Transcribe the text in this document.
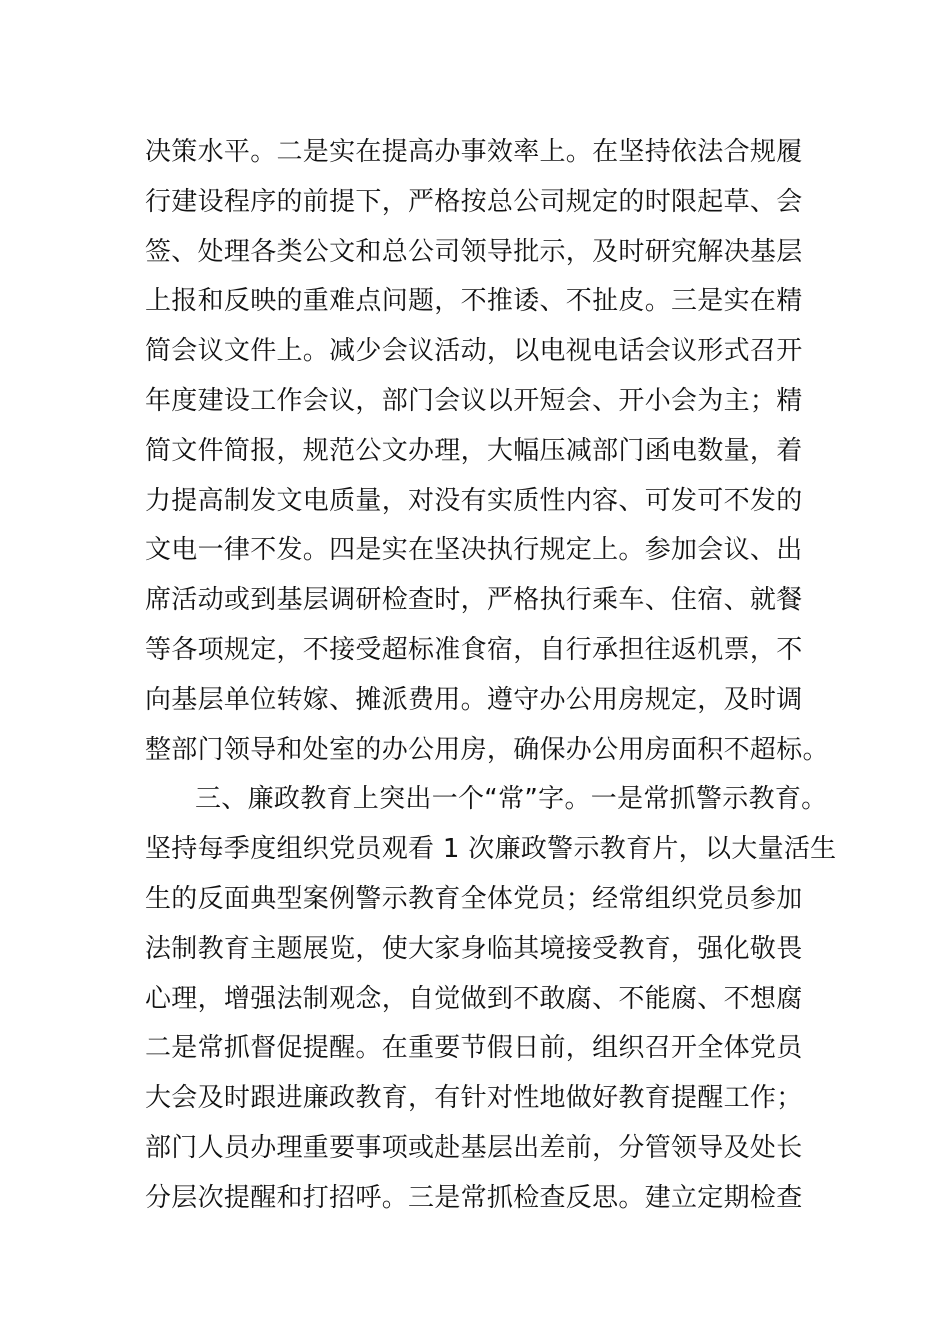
决策水平。二是实在提高办事效率上。在坚持依法合规履
行建设程序的前提下，严格按总公司规定的时限起草、会
签、处理各类公文和总公司领导批示，及时研究解决基层
上报和反映的重难点问题，不推诿、不扯皮。三是实在精
简会议文件上。减少会议活动，以电视电话会议形式召开
年度建设工作会议，部门会议以开短会、开小会为主；精
简文件简报，规范公文办理，大幅压减部门函电数量，着
力提高制发文电质量，对没有实质性内容、可发可不发的
文电一律不发。四是实在坚决执行规定上。参加会议、出
席活动或到基层调研检查时，严格执行乘车、住宿、就餐
等各项规定，不接受超标准食宿，自行承担往返机票，不
向基层单位转嫁、摊派费用。遵守办公用房规定，及时调
整部门领导和处室的办公用房，确保办公用房面积不超标。
三、廉政教育上突出一个“常”字。一是常抓警示教育。
坚持每季度组织党员观看 1 次廉政警示教育片，以大量活生
生的反面典型案例警示教育全体党员；经常组织党员参加
法制教育主题展览，使大家身临其境接受教育，强化敬畏
心理，增强法制观念，自觉做到不敢腐、不能腐、不想腐
二是常抓督促提醒。在重要节假日前，组织召开全体党员
大会及时跟进廉政教育，有针对性地做好教育提醒工作；
部门人员办理重要事项或赴基层出差前，分管领导及处长
分层次提醒和打招呼。三是常抓检查反思。建立定期检查
